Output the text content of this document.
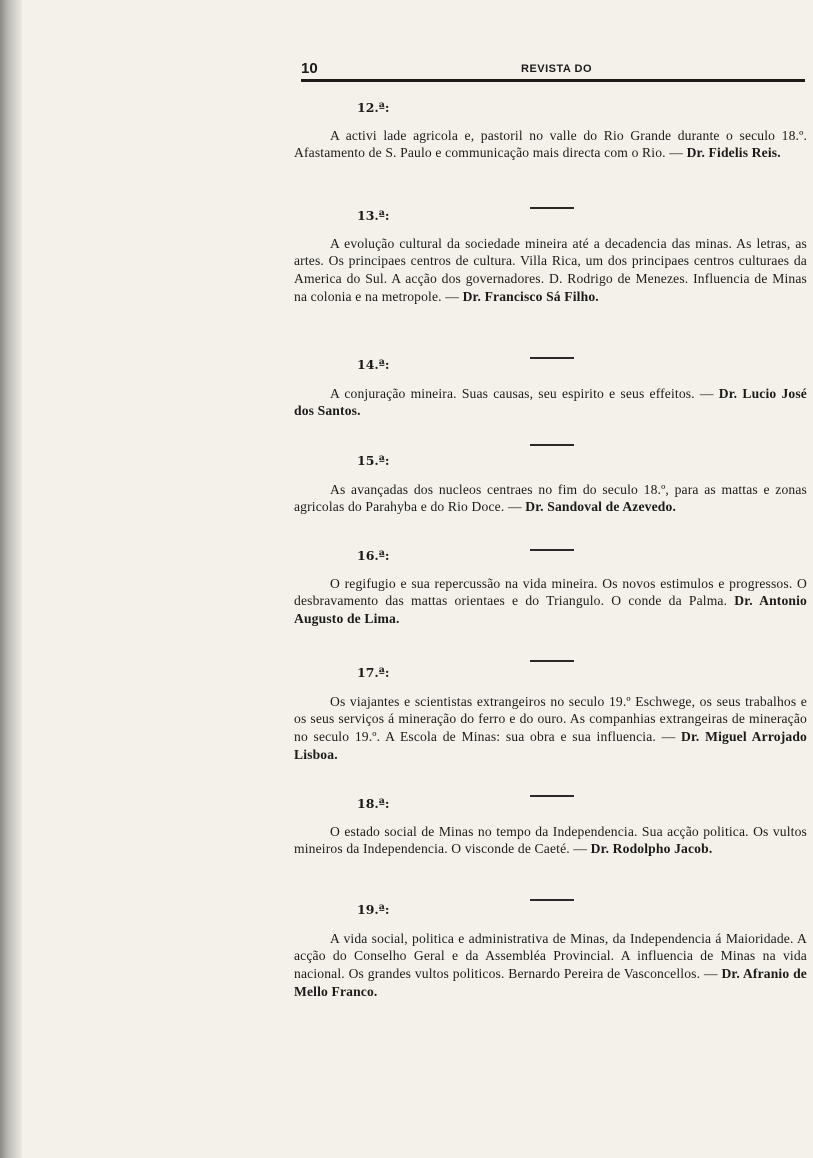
10	REVISTA DO
12.ª:

A activi lade agricola e, pastoril no valle do Rio Grande durante o seculo 18.º. Afastamento de S. Paulo e communicação mais directa com o Rio. — Dr. Fidelis Reis.

13.ª:

A evolução cultural da sociedade mineira até a decadencia das minas. As letras, as artes. Os principaes centros de cultura. Villa Rica, um dos principaes centros culturaes da America do Sul. A acção dos governadores. D. Rodrigo de Menezes. Influencia de Minas na colonia e na metropole. — Dr. Francisco Sá Filho.

14.ª:

A conjuração mineira. Suas causas, seu espirito e seus effeitos. — Dr. Lucio José dos Santos.

15.ª:

As avançadas dos nucleos centraes no fim do seculo 18.º, para as mattas e zonas agricolas do Parahyba e do Rio Doce. — Dr. Sandoval de Azevedo.

16.ª:

O regifugio e sua repercussão na vida mineira. Os novos estimulos e progressos. O desbravamento das mattas orientaes e do Triangulo. O conde da Palma. Dr. Antonio Augusto de Lima.

17.ª:

Os viajantes e scientistas extrangeiros no seculo 19.º Eschwege, os seus trabalhos e os seus serviços á mineração do ferro e do ouro. As companhias extrangeiras de mineração no seculo 19.º. A Escola de Minas: sua obra e sua influencia. — Dr. Miguel Arrojado Lisboa.

18.ª:

O estado social de Minas no tempo da Independencia. Sua acção politica. Os vultos mineiros da Independencia. O visconde de Caeté. — Dr. Rodolpho Jacob.

19.ª:

A vida social, politica e administrativa de Minas, da Independencia á Maioridade. A acção do Conselho Geral e da Assembléa Provincial. A influencia de Minas na vida nacional. Os grandes vultos politicos. Bernardo Pereira de Vasconcellos. — Dr. Afranio de Mello Franco.
